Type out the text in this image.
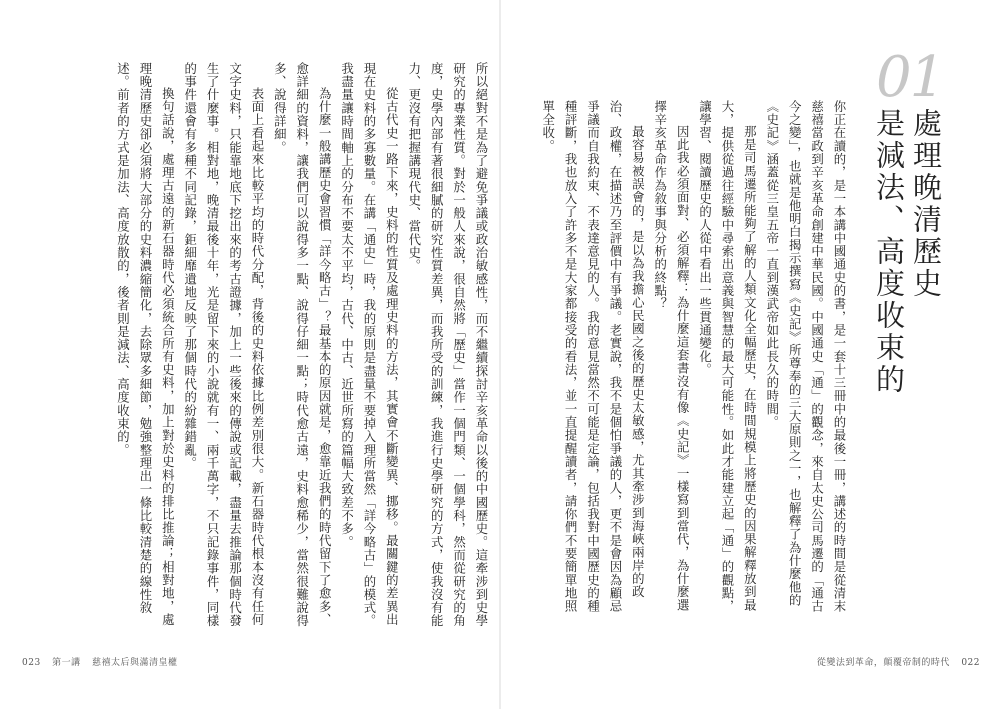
所以絕對不是為了避免爭議或政治敏感性，而不繼續探討辛亥革命以後的中國歷史。這牽涉到史學研究的專業性質。對於一般人來說，很自然將「歷史」當作一個門類、一個學科，然而從研究的角度，史學內部有著很細膩的研究性質差異，而我所受的訓練，我進行史學研究的方式，使我沒有能力、更沒有把握講現代史、當代史。

從古代史一路下來，史料的性質及處理史料的方法，其實會不斷變異、挪移。最關鍵的差異出現在史料的多寡數量。在講「通史」時，我的原則是盡量不要掉入理所當然「詳今略古」的模式。我盡量讓時間軸上的分布不要太不平均，古代、中古、近世所寫的篇幅大致差不多。

為什麼一般講歷史會習慣「詳今略古」？最基本的原因就是，愈靠近我們的時代留下了愈多、愈詳細的資料，讓我們可以說得多一點、說得仔細一點；時代愈古遠，史料愈稀少，當然很難說得多、說得詳細。

表面上看起來比較平均的時代分配，背後的史料依據比例差別很大。新石器時代根本沒有任何文字史料，只能靠地底下挖出來的考古證據，加上一些後來的傳說或記載，盡量去推論那個時代發生了什麼事。相對地，晚清最後十年，光是留下來的小說就有一、兩千萬字，不只記錄事件，同樣的事件還會有多種不同記錄，鉅細靡遺地反映了那個時代的紛雜錯亂。

換句話說，處理古遠的新石器時代必須統合所有史料，加上對於史料的排比推論；相對地，處理晚清歷史卻必須將大部分的史料濃縮簡化，去除眾多細節，勉強整理出一條比較清楚的線性敘述。前者的方式是加法、高度放散的，後者則是減法、高度收束的。

023 第一講 慈禧太后與滿清皇權
01
處理晚清歷史
是減法、高度收束的

你正在讀的，是一本講中國通史的書，是一套十三冊中的最後一冊，講述的時間是從清末慈禧當政到辛亥革命創建中華民國。中國通史「通」的觀念，來自太史公司馬遷的「通古今之變」，也就是他明白揭示撰寫《史記》所尊奉的三大原則之一，也解釋了為什麼他的《史記》涵蓋從三皇五帝一直到漢武帝如此長久的時間。

那是司馬遷所能夠了解的人類文化全幅歷史，在時間規模上將歷史的因果解釋放到最大，提供從過往經驗中尋索出意義與智慧的最大可能性。如此才能建立起「通」的觀點，讓學習、閱讀歷史的人從中看出一些貫通變化。

因此我必須面對、必須解釋：為什麼這套書沒有像《史記》一樣寫到當代，為什麼選擇辛亥革命作為敘事與分析的終點？

最容易被誤會的，是以為我擔心民國之後的歷史太敏感，尤其牽涉到海峽兩岸的政治、政權，在描述乃至評價中有爭議。老實說，我不是個怕爭議的人，更不是會因為顧忌爭議而自我約束、不表達意見的人。我的意見當然不可能是定論，包括我對中國歷史的種種評斷，我也放入了許多不是大家都接受的看法，並一直提醒讀者，請你們不要簡單地照單全收。

從變法到革命，顛覆帝制的時代 022
